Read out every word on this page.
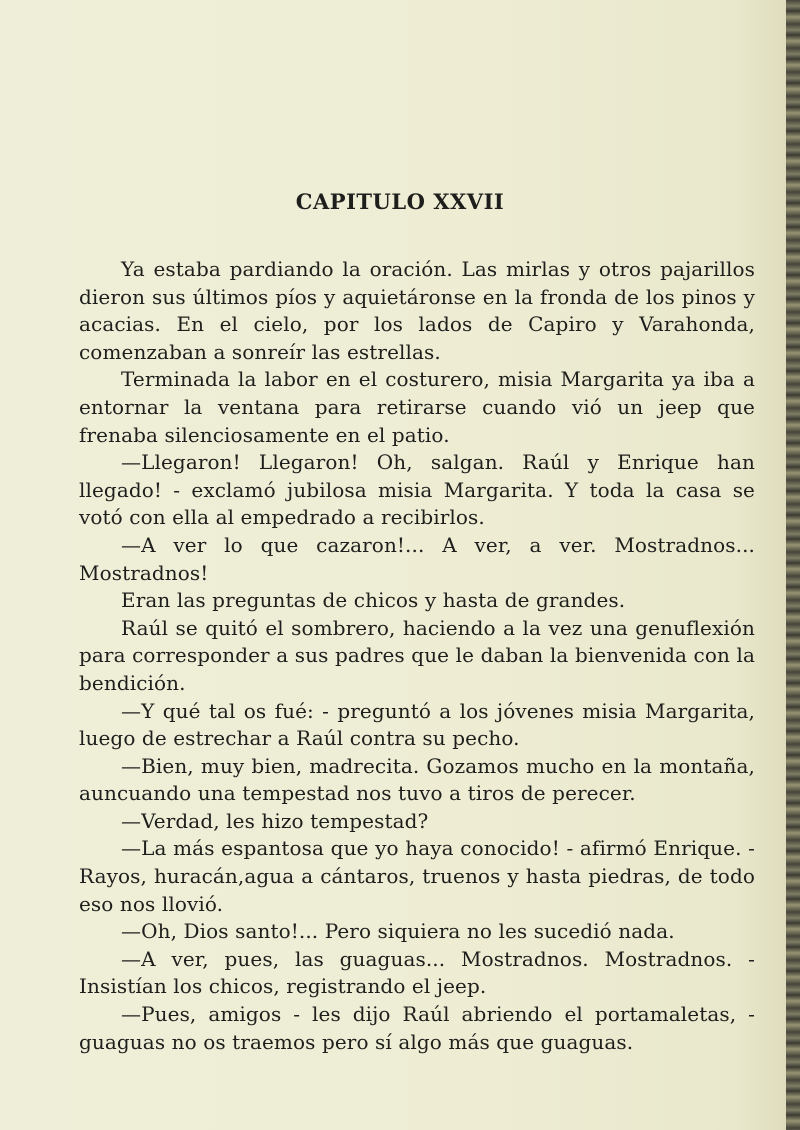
CAPITULO XXVII

Ya estaba pardiando la oración. Las mirlas y otros pajarillos dieron sus últimos píos y aquietáronse en la fronda de los pinos y acacias. En el cielo, por los lados de Capiro y Varahonda, comenzaban a sonreír las estrellas.

Terminada la labor en el costurero, misia Margarita ya iba a entornar la ventana para retirarse cuando vió un jeep que frenaba silenciosamente en el patio.

—Llegaron! Llegaron! Oh, salgan. Raúl y Enrique han llegado! - exclamó jubilosa misia Margarita. Y toda la casa se votó con ella al empedrado a recibirlos.

—A ver lo que cazaron!... A ver, a ver. Mostradnos... Mostradnos!

Eran las preguntas de chicos y hasta de grandes.

Raúl se quitó el sombrero, haciendo a la vez una genuflexión para corresponder a sus padres que le daban la bienvenida con la bendición.

—Y qué tal os fué: - preguntó a los jóvenes misia Margarita, luego de estrechar a Raúl contra su pecho.

—Bien, muy bien, madrecita. Gozamos mucho en la montaña, auncuando una tempestad nos tuvo a tiros de perecer.

—Verdad, les hizo tempestad?

—La más espantosa que yo haya conocido! - afirmó Enrique. - Rayos, huracán,agua a cántaros, truenos y hasta piedras, de todo eso nos llovió.

—Oh, Dios santo!... Pero siquiera no les sucedió nada.

—A ver, pues, las guaguas... Mostradnos. Mostradnos. - Insistían los chicos, registrando el jeep.

—Pues, amigos - les dijo Raúl abriendo el portamaletas, - guaguas no os traemos pero sí algo más que guaguas.
